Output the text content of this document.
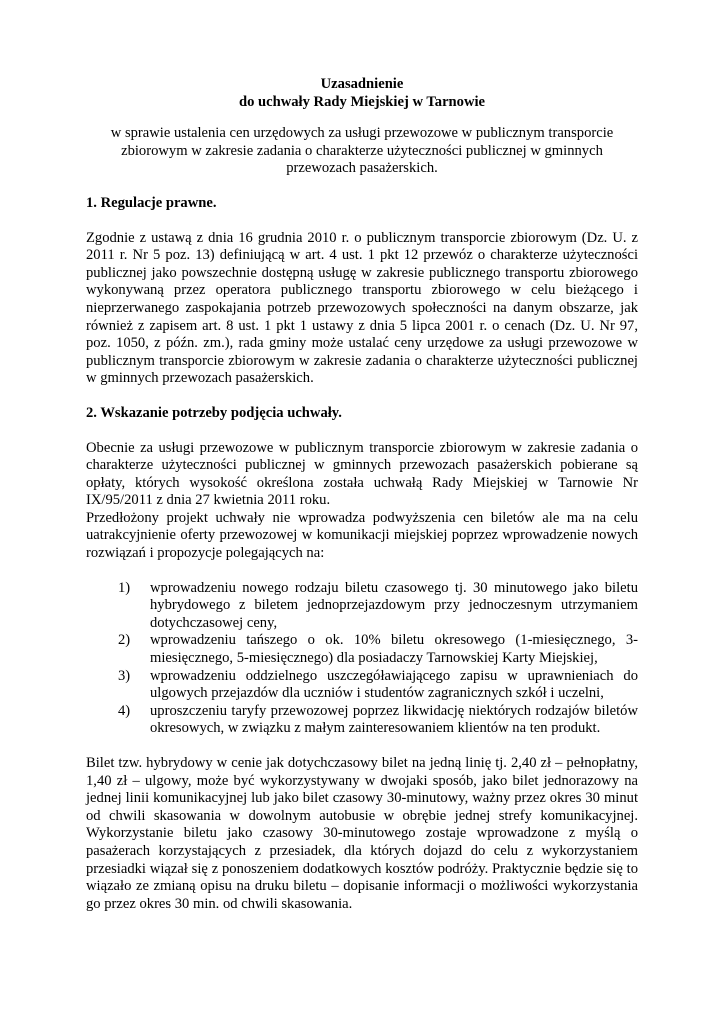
Uzasadnienie
do uchwały Rady Miejskiej w Tarnowie
w sprawie ustalenia cen urzędowych za usługi przewozowe w publicznym transporcie zbiorowym w zakresie zadania o charakterze użyteczności publicznej w gminnych przewozach pasażerskich.
1. Regulacje prawne.
Zgodnie z ustawą z dnia 16 grudnia 2010 r. o publicznym transporcie zbiorowym (Dz. U. z 2011 r. Nr 5 poz. 13) definiującą w art. 4 ust. 1 pkt 12 przewóz o charakterze użyteczności publicznej jako powszechnie dostępną usługę w zakresie publicznego transportu zbiorowego wykonywaną przez operatora publicznego transportu zbiorowego w celu bieżącego i nieprzerwanego zaspokajania potrzeb przewozowych społeczności na danym obszarze, jak również z zapisem art. 8 ust. 1 pkt 1 ustawy z dnia 5 lipca 2001 r. o cenach (Dz. U. Nr 97, poz. 1050, z późn. zm.), rada gminy może ustalać ceny urzędowe za usługi przewozowe w publicznym transporcie zbiorowym w zakresie zadania o charakterze użyteczności publicznej w gminnych przewozach pasażerskich.
2. Wskazanie potrzeby podjęcia uchwały.
Obecnie za usługi przewozowe w publicznym transporcie zbiorowym w zakresie zadania o charakterze użyteczności publicznej w gminnych przewozach pasażerskich pobierane są opłaty, których wysokość określona została uchwałą Rady Miejskiej w Tarnowie Nr IX/95/2011 z dnia 27 kwietnia 2011 roku.
Przedłożony projekt uchwały nie wprowadza podwyższenia cen biletów ale ma na celu uatrakcyjnienie oferty przewozowej w komunikacji miejskiej poprzez wprowadzenie nowych rozwiązań i propozycje polegających na:
1) wprowadzeniu nowego rodzaju biletu czasowego tj. 30 minutowego jako biletu hybrydowego z biletem jednoprzejazdowym przy jednoczesnym utrzymaniem dotychczasowej ceny,
2) wprowadzeniu tańszego o ok. 10% biletu okresowego (1-miesięcznego, 3-miesięcznego, 5-miesięcznego) dla posiadaczy Tarnowskiej Karty Miejskiej,
3) wprowadzeniu oddzielnego uszczegóławiającego zapisu w uprawnieniach do ulgowych przejazdów dla uczniów i studentów zagranicznych szkół i uczelni,
4) uproszczeniu taryfy przewozowej poprzez likwidację niektórych rodzajów biletów okresowych, w związku z małym zainteresowaniem klientów na ten produkt.
Bilet tzw. hybrydowy w cenie jak dotychczasowy bilet na jedną linię tj. 2,40 zł – pełnopłatny, 1,40 zł – ulgowy, może być wykorzystywany w dwojaki sposób, jako bilet jednorazowy na jednej linii komunikacyjnej lub jako bilet czasowy 30-minutowy, ważny przez okres 30 minut od chwili skasowania w dowolnym autobusie w obrębie jednej strefy komunikacyjnej. Wykorzystanie biletu jako czasowy 30-minutowego zostaje wprowadzone z myślą o pasażerach korzystających z przesiadek, dla których dojazd do celu z wykorzystaniem przesiadki wiązał się z ponoszeniem dodatkowych kosztów podróży. Praktycznie będzie się to wiązało ze zmianą opisu na druku biletu – dopisanie informacji o możliwości wykorzystania go przez okres 30 min. od chwili skasowania.
